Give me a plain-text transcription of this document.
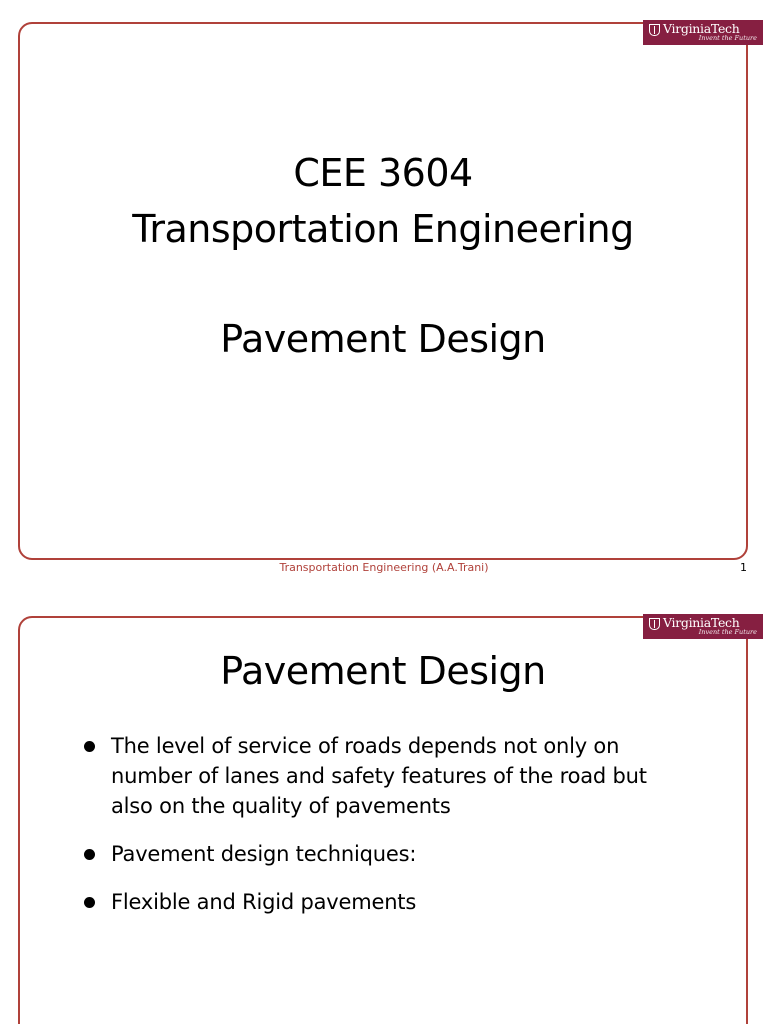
VirginiaTech
Invent the Future
CEE 3604
Transportation Engineering
Pavement Design
Transportation Engineering (A.A.Trani)	1
VirginiaTech
Invent the Future
Pavement Design
The level of service of roads depends not only on number of lanes and safety features of the road but also on the quality of pavements
Pavement design techniques:
Flexible and Rigid pavements
